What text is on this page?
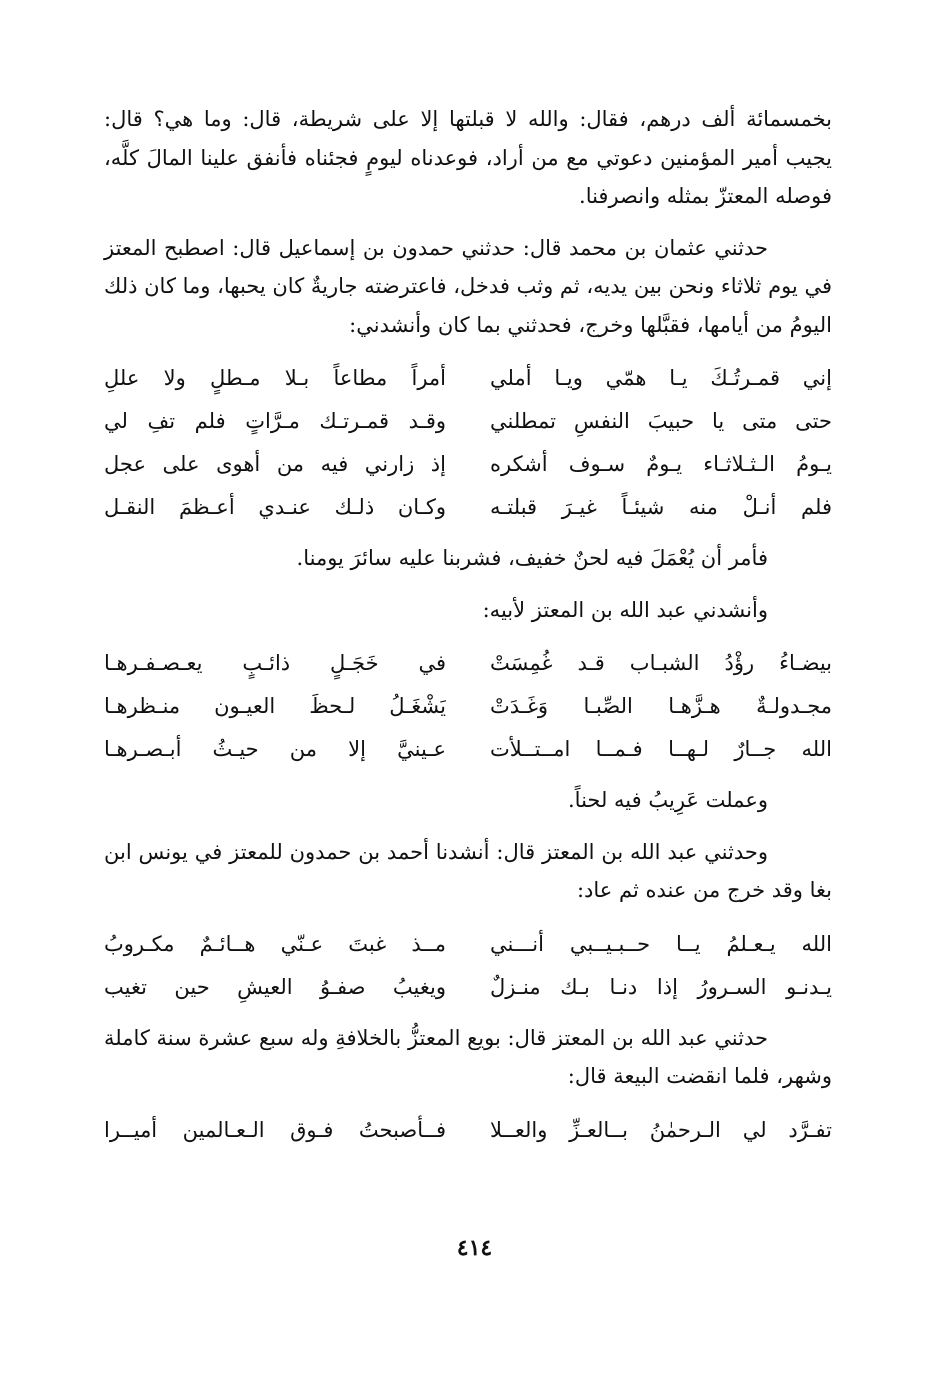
بخمسمائة ألف درهم، فقال: والله لا قبلتها إلا على شريطة، قال: وما هي؟ قال: يجيب أمير المؤمنين دعوتي مع من أراد، فوعدناه ليومٍ فجئناه فأنفق علينا المالَ كلَّه، فوصله المعتزّ بمثله وانصرفنا.

حدثني عثمان بن محمد قال: حدثني حمدون بن إسماعيل قال: اصطبح المعتز في يوم ثلاثاء ونحن بين يديه، ثم وثب فدخل، فاعترضته جاريةٌ كان يحبها، وما كان ذلك اليومُ من أيامها، فقبَّلها وخرج، فحدثني بما كان وأنشدني:

إني قمـرتُـكَ يـا همّي ويـا أملي
أمراً مطاعاً بـلا مـطلٍ ولا عللِ
حتى متى يا حبيبَ النفسِ تمطلني
وقـد قمـرتـك مـرَّاتٍ فلم تفِ لي
يـومُ الـثـلاثـاء يـومٌ سـوف أشكره
إذ زارني فيه من أهوى على عجل
فلم أنـلْ منه شيئـاً غيـرَ قبلتـه
وكـان ذلـك عنـدي أعـظمَ النقـل

فأمر أن يُعْمَلَ فيه لحنٌ خفيف، فشربنا عليه سائرَ يومنا.

وأنشدني عبد الله بن المعتز لأبيه:

بيضـاءُ رؤْدُ الشبـاب قـد غُمِسَتْ
في خَجَـلٍ ذائـبٍ يعـصـفـرهـا
مجـدولـةٌ هـزَّهـا الصِّبـا وَغَـدَتْ
يَشْغَـلُ لـحظَ العيـون منـظرهـا
الله جــارٌ لـهــا فـمــا امــتــلأت
عـينيَّ إلا من حيـثُ أبـصـرهـا

وعملت عَرِيبُ فيه لحناً.

وحدثني عبد الله بن المعتز قال: أنشدنا أحمد بن حمدون للمعتز في يونس ابن بغا وقد خرج من عنده ثم عاد:

الله يـعـلمُ يــا حــبـيــبي أنـــني
مــذ غبتَ عـنّي هــائـمٌ مكـروبُ
يـدنـو السـرورُ إذا دنـا بـك منـزلٌ
ويغيبُ صفـوُ العيشِ حين تغيب

حدثني عبد الله بن المعتز قال: بويع المعتزُّ بالخلافةِ وله سبع عشرة سنة كاملة وشهر، فلما انقضت البيعة قال:

تفـرَّد لي الـرحمٰنُ بــالعـزِّ والعــلا
فــأصبحتُ فـوق الـعـالمين أميــرا
٤١٤
